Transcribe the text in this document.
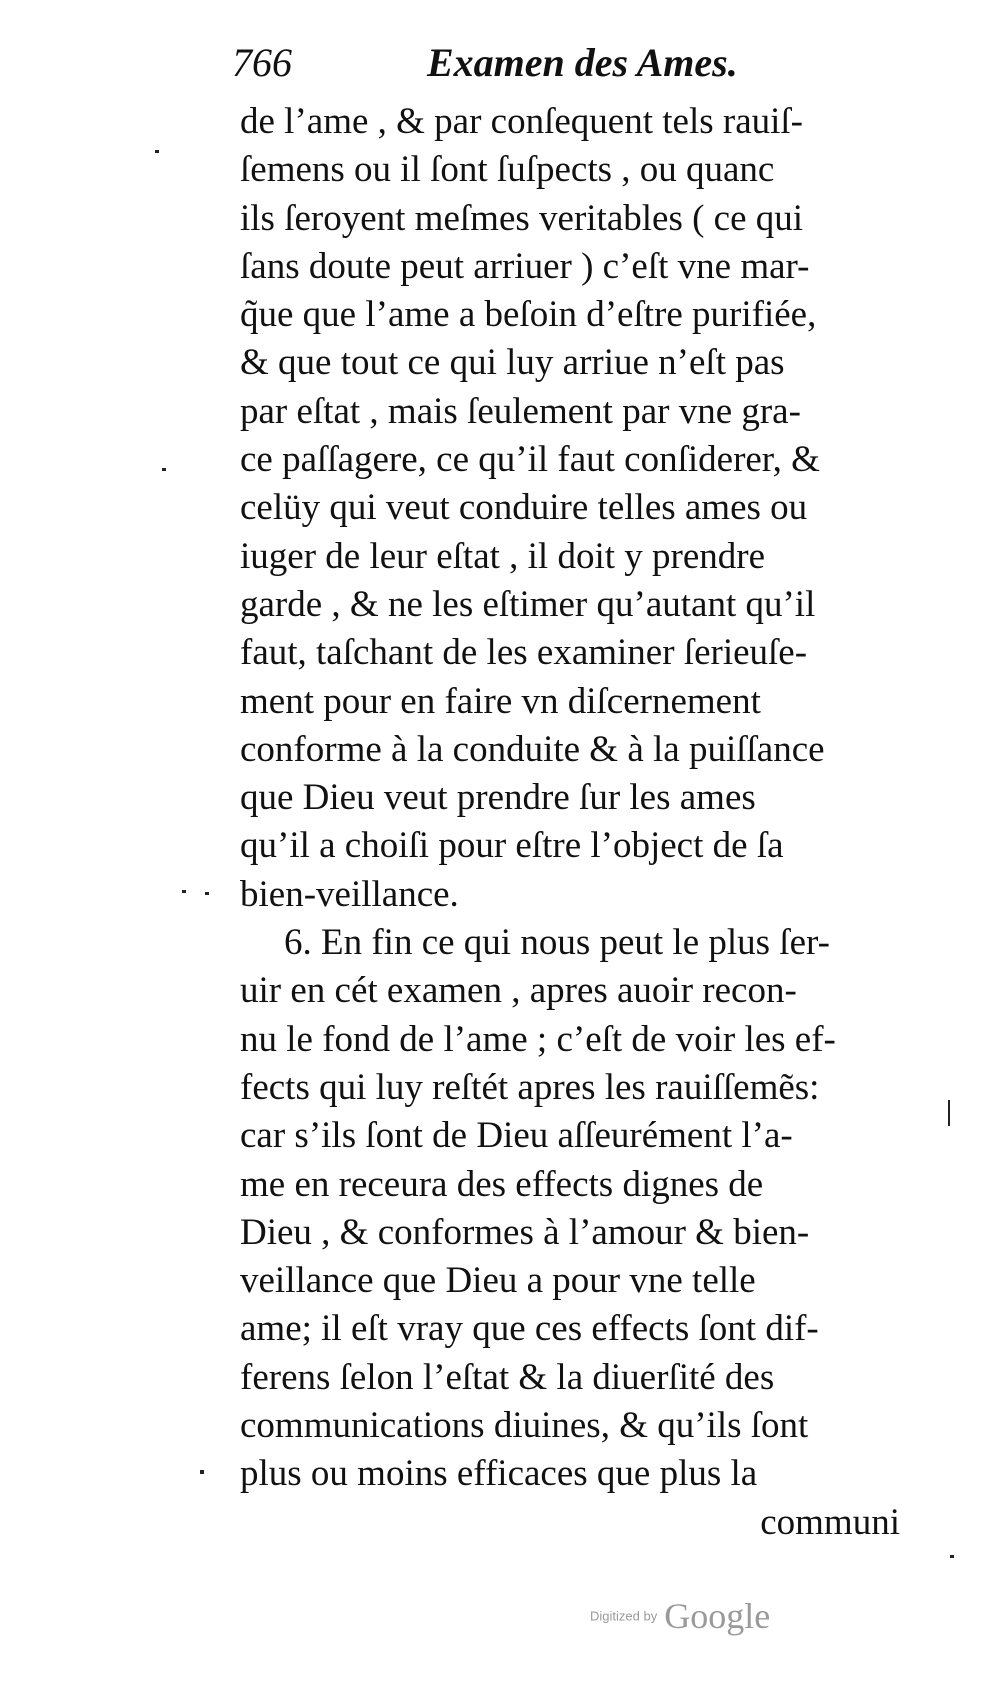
766	Examen des Ames.
de l’ame , & par conſequent tels rauiſ-
ſemens ou il ſont ſuſpects , ou quanc
ils ſeroyent meſmes veritables ( ce qui
ſans doute peut arriuer ) c’eſt vne mar-
q̃ue que l’ame a beſoin d’eſtre purifiée,
& que tout ce qui luy arriue n’eſt pas
par eſtat , mais ſeulement par vne gra-
ce paſſagere, ce qu’il faut conſiderer, &
celüy qui veut conduire telles ames ou
iuger de leur eſtat , il doit y prendre
garde , & ne les eſtimer qu’autant qu’il
faut, taſchant de les examiner ſerieuſe-
ment pour en faire vn diſcernement
conforme à la conduite & à la puiſſance
que Dieu veut prendre ſur les ames
qu’il a choiſi pour eſtre l’object de ſa
bien-veillance.
6. En fin ce qui nous peut le plus ſer-
uir en cét examen , apres auoir recon-
nu le fond de l’ame ; c’eſt de voir les ef-
fects qui luy reſtét apres les rauiſſemẽs:
car s’ils ſont de Dieu aſſeurément l’a-
me en receura des effects dignes de
Dieu , & conformes à l’amour & bien-
veillance que Dieu a pour vne telle
ame; il eſt vray que ces effects ſont dif-
ferens ſelon l’eſtat & la diuerſité des
communications diuines, & qu’ils ſont
plus ou moins efficaces que plus la
communi
Digitized by Google
